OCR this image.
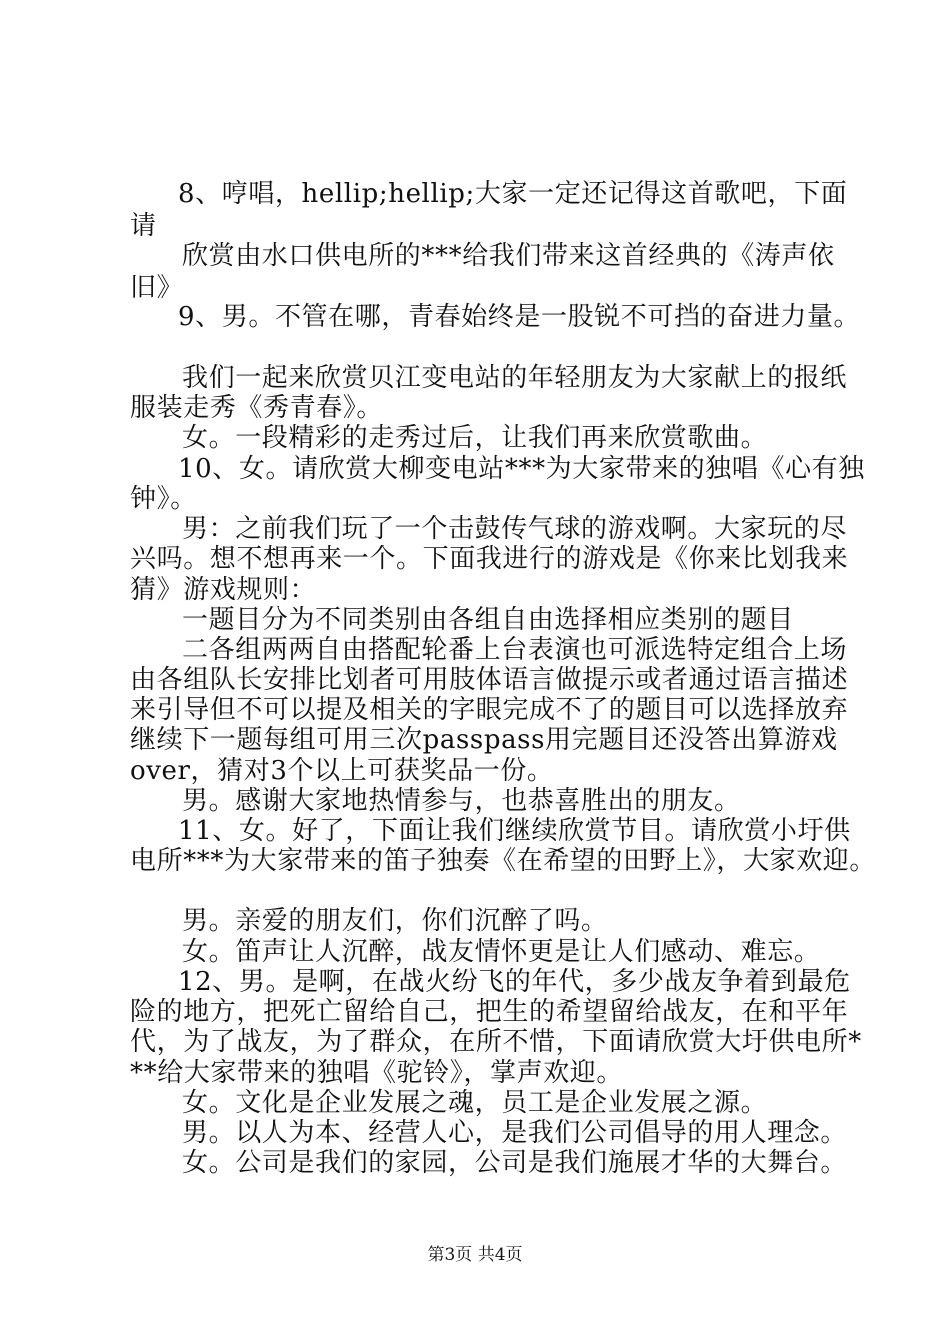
8、哼唱，hellip;hellip;大家一定还记得这首歌吧，下面
请
欣赏由水口供电所的***给我们带来这首经典的《涛声依
旧》
9、男。不管在哪，青春始终是一股锐不可挡的奋进力量。
我们一起来欣赏贝江变电站的年轻朋友为大家献上的报纸
服装走秀《秀青春》。
女。一段精彩的走秀过后，让我们再来欣赏歌曲。
10、女。请欣赏大柳变电站***为大家带来的独唱《心有独
钟》。
男：之前我们玩了一个击鼓传气球的游戏啊。大家玩的尽
兴吗。想不想再来一个。下面我进行的游戏是《你来比划我来
猜》游戏规则：
一题目分为不同类别由各组自由选择相应类别的题目
二各组两两自由搭配轮番上台表演也可派选特定组合上场
由各组队长安排比划者可用肢体语言做提示或者通过语言描述
来引导但不可以提及相关的字眼完成不了的题目可以选择放弃
继续下一题每组可用三次passpass用完题目还没答出算游戏
over，猜对3个以上可获奖品一份。
男。感谢大家地热情参与，也恭喜胜出的朋友。
11、女。好了，下面让我们继续欣赏节目。请欣赏小圩供
电所***为大家带来的笛子独奏《在希望的田野上》，大家欢迎。
男。亲爱的朋友们，你们沉醉了吗。
女。笛声让人沉醉，战友情怀更是让人们感动、难忘。
12、男。是啊，在战火纷飞的年代，多少战友争着到最危
险的地方，把死亡留给自己，把生的希望留给战友，在和平年
代，为了战友，为了群众，在所不惜，下面请欣赏大圩供电所*
**给大家带来的独唱《驼铃》，掌声欢迎。
女。文化是企业发展之魂，员工是企业发展之源。
男。以人为本、经营人心，是我们公司倡导的用人理念。
女。公司是我们的家园，公司是我们施展才华的大舞台。
第3页 共4页
